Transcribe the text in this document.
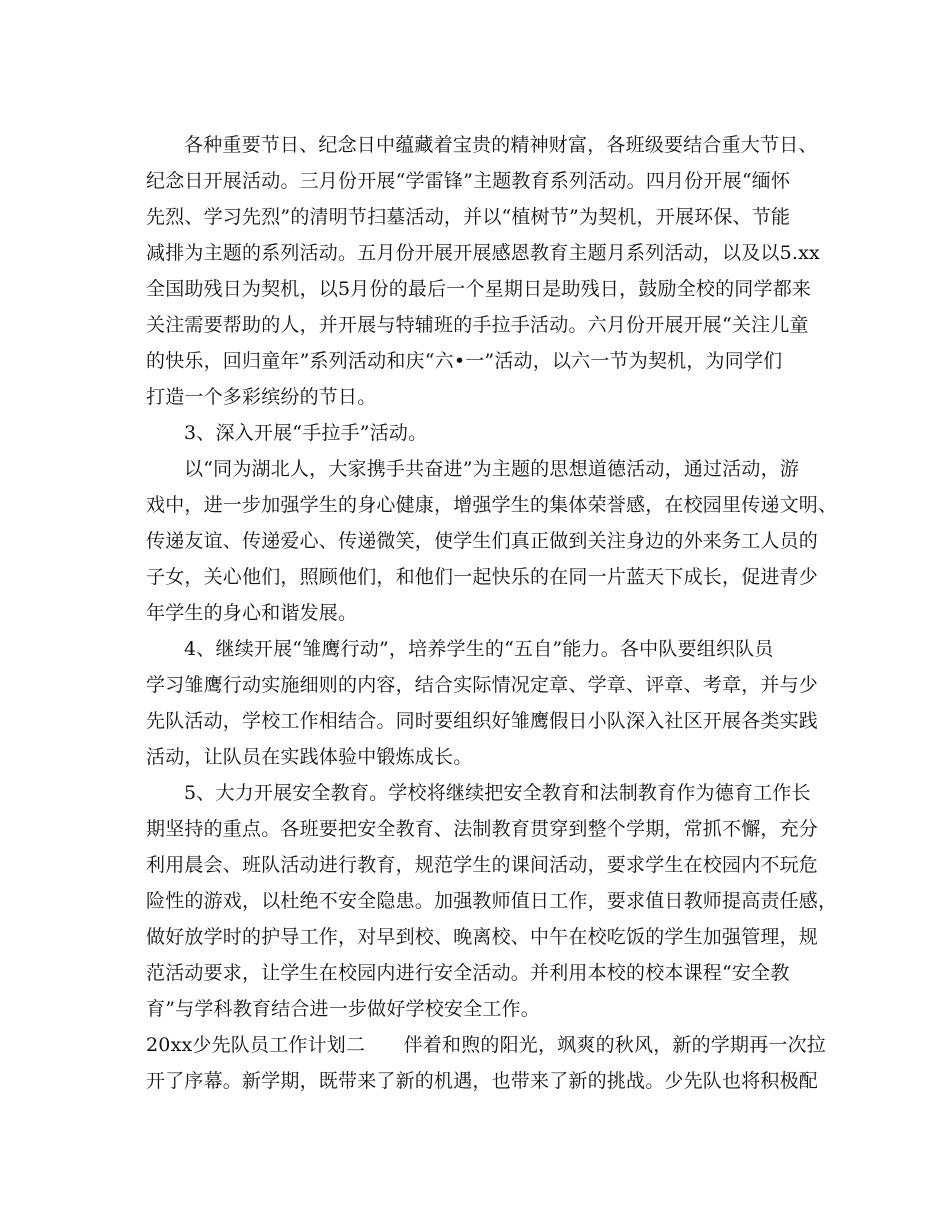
各种重要节日、纪念日中蕴藏着宝贵的精神财富，各班级要结合重大节日、
纪念日开展活动。三月份开展“学雷锋”主题教育系列活动。四月份开展“缅怀
先烈、学习先烈”的清明节扫墓活动，并以“植树节”为契机，开展环保、节能
减排为主题的系列活动。五月份开展开展感恩教育主题月系列活动，以及以5.xx
全国助残日为契机，以5月份的最后一个星期日是助残日，鼓励全校的同学都来
关注需要帮助的人，并开展与特辅班的手拉手活动。六月份开展开展“关注儿童
的快乐，回归童年”系列活动和庆“六•一”活动，以六一节为契机，为同学们
打造一个多彩缤纷的节日。
3、深入开展“手拉手”活动。
以“同为湖北人，大家携手共奋进”为主题的思想道德活动，通过活动，游
戏中，进一步加强学生的身心健康，增强学生的集体荣誉感，在校园里传递文明、
传递友谊、传递爱心、传递微笑，使学生们真正做到关注身边的外来务工人员的
子女，关心他们，照顾他们，和他们一起快乐的在同一片蓝天下成长，促进青少
年学生的身心和谐发展。
4、继续开展“雏鹰行动”，培养学生的“五自”能力。各中队要组织队员
学习雏鹰行动实施细则的内容，结合实际情况定章、学章、评章、考章，并与少
先队活动，学校工作相结合。同时要组织好雏鹰假日小队深入社区开展各类实践
活动，让队员在实践体验中锻炼成长。
5、大力开展安全教育。学校将继续把安全教育和法制教育作为德育工作长
期坚持的重点。各班要把安全教育、法制教育贯穿到整个学期，常抓不懈，充分
利用晨会、班队活动进行教育，规范学生的课间活动，要求学生在校园内不玩危
险性的游戏，以杜绝不安全隐患。加强教师值日工作，要求值日教师提高责任感，
做好放学时的护导工作，对早到校、晚离校、中午在校吃饭的学生加强管理，规
范活动要求，让学生在校园内进行安全活动。并利用本校的校本课程“安全教
育”与学科教育结合进一步做好学校安全工作。
20xx少先队员工作计划二　　伴着和煦的阳光，飒爽的秋风，新的学期再一次拉
开了序幕。新学期，既带来了新的机遇，也带来了新的挑战。少先队也将积极配
